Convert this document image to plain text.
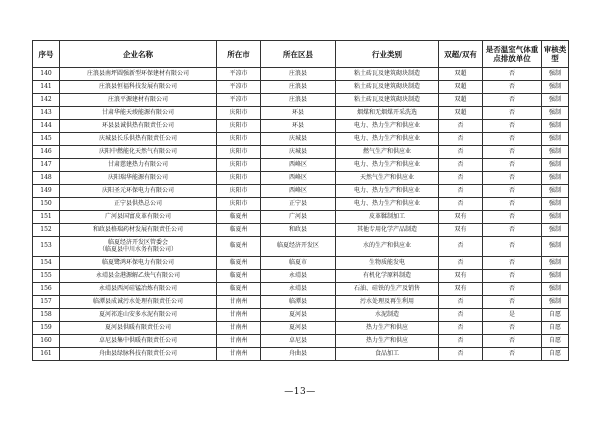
序号	企业名称	所在市	所在区县	行业类别	双超/双有	是否温室气体重点排放单位	审核类型
140	庄浪县南坪圆强新型环保建材有限公司	平凉市	庄浪县	粘土砖瓦及建筑砌块制造	双超	否	强制
141	庄浪县恒福科技发展有限公司	平凉市	庄浪县	粘土砖瓦及建筑砌块制造	双超	否	强制
142	庄浪平源建材有限公司	平凉市	庄浪县	粘土砖瓦及建筑砌块制造	双超	否	强制
143	甘肃华能天竣能源有限公司	庆阳市	环县	烟煤和无烟煤开采洗选	双超	否	强制
144	环县县诚供热有限责任公司	庆阳市	环县	电力、热力生产和供应业	否	否	强制
145	庆城县长乐供热有限责任公司	庆阳市	庆城县	电力、热力生产和供应业	否	否	强制
146	庆阳中燃能化天然气有限公司	庆阳市	庆城县	燃气生产和供应业	否	否	强制
147	甘肃慈建热力有限公司	庆阳市	西峰区	电力、热力生产和供应业	否	否	强制
148	庆阳瑞华能源有限公司	庆阳市	西峰区	天然气生产和供应业	否	否	强制
149	庆阳圣元环保电力有限公司	庆阳市	西峰区	电力、热力生产和供应业	否	否	强制
150	正宁县供热总公司	庆阳市	正宁县	电力、热力生产和供应业	否	否	强制
151	广河县国富皮革有限公司	临夏州	广河县	皮革鞣制加工	双有	否	强制
152	和政县格瑞药材发展有限责任公司	临夏州	和政县	其他专用化学产品制造	双有	否	强制
153	临夏经济开发区管委会
（临夏县中川水务有限公司）	临夏州	临夏经济开发区	水的生产和供应业	否	否	强制
154	临夏鹭鸿环保电力有限公司	临夏州	临夏市	生物质能发电	否	否	强制
155	永靖县金港源解乙炔气有限公司	临夏州	永靖县	有机化学原料制造	双有	否	强制
156	永靖县西河硅锰冶炼有限公司	临夏州	永靖县	石油、硅铁的生产及销售	双有	否	强制
157	临潭县成诚污水处理有限责任公司	甘南州	临潭县	污水处理及再生利用	否	否	强制
158	夏河祁连山安多水泥有限公司	甘南州	夏河县	水泥制造	否	是	自愿
159	夏河县供暖有限责任公司	甘南州	夏河县	热力生产和供应	否	否	自愿
160	卓尼县集中供暖有限责任公司	甘南州	卓尼县	热力生产和供应	否	否	自愿
161	舟曲县绿脉科技有限责任公司	甘南州	舟曲县	食品加工	否	否	自愿
—13—
